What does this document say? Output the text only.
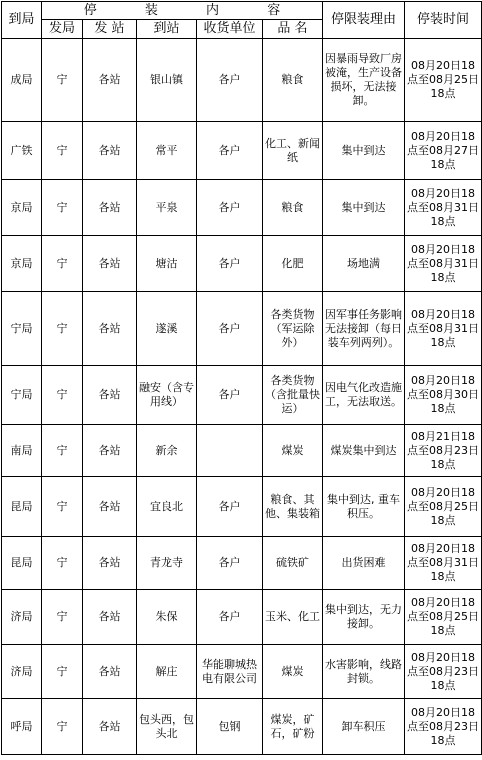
到局	停 装 内 容					停限装理由	停装时间
	发局	发 站	到站	收货单位	品 名		
成局	宁	各站	银山镇	各户	粮食	因暴雨导致厂房被淹，生产设备损坏，无法接卸。	08月20日18点至08月25日18点
广铁	宁	各站	常平	各户	化工、新闻纸	集中到达	08月20日18点至08月27日18点
京局	宁	各站	平泉	各户	粮食	集中到达	08月20日18点至08月31日18点
京局	宁	各站	塘沽	各户	化肥	场地满	08月20日18点至08月31日18点
宁局	宁	各站	遂溪	各户	各类货物（军运除外）	因军事任务影响无法接卸（每日装车列两列）。	08月20日18点至08月31日18点
宁局	宁	各站	融安（含专用线）	各户	各类货物（含批量快运）	因电气化改造施工，无法取送。	08月20日18点至08月30日18点
南局	宁	各站	新余		煤炭	煤炭集中到达	08月21日18点至08月23日18点
昆局	宁	各站	宜良北	各户	粮食、其他、集装箱	集中到达, 重车积压。	08月20日18点至08月25日18点
昆局	宁	各站	青龙寺	各户	硫铁矿	出货困难	08月20日18点至08月31日18点
济局	宁	各站	朱保	各户	玉米、化工	集中到达，无力接卸。	08月20日18点至08月25日18点
济局	宁	各站	解庄	华能聊城热电有限公司	煤炭	水害影响，线路封锁。	08月20日18点至08月23日18点
呼局	宁	各站	包头西，包头北	包钢	煤炭，矿石，矿粉	卸车积压	08月20日18点至08月23日18点
